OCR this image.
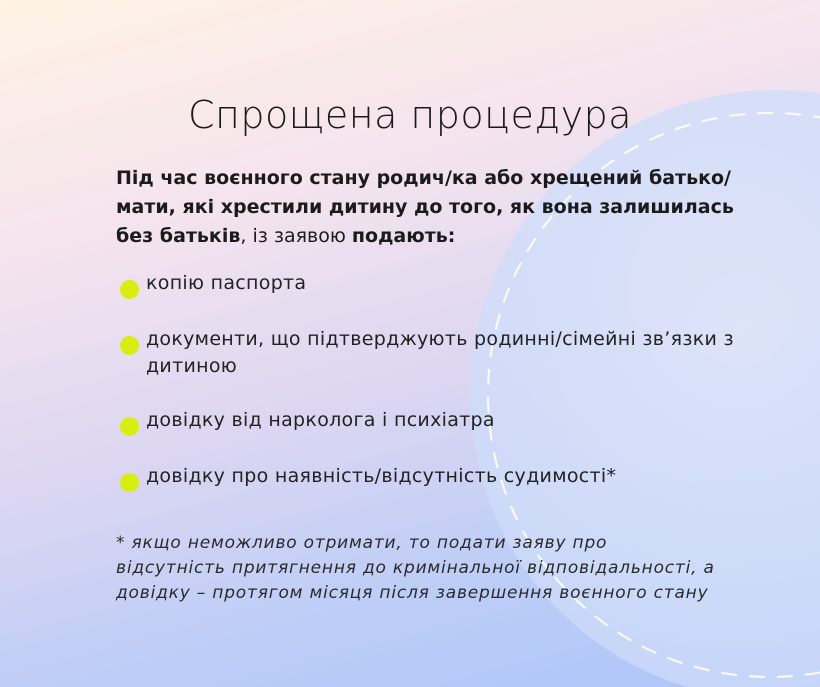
Спрощена процедура

Під час воєнного стану родич/ка або хрещений батько/мати, які хрестили дитину до того, як вона залишилась без батьків, із заявою подають:

копію паспорта
документи, що підтверджують родинні/сімейні зв’язки з дитиною
довідку від нарколога і психіатра
довідку про наявність/відсутність судимості*

* якщо неможливо отримати, то подати заяву про відсутність притягнення до кримінальної відповідальності, а довідку – протягом місяця після завершення воєнного стану
